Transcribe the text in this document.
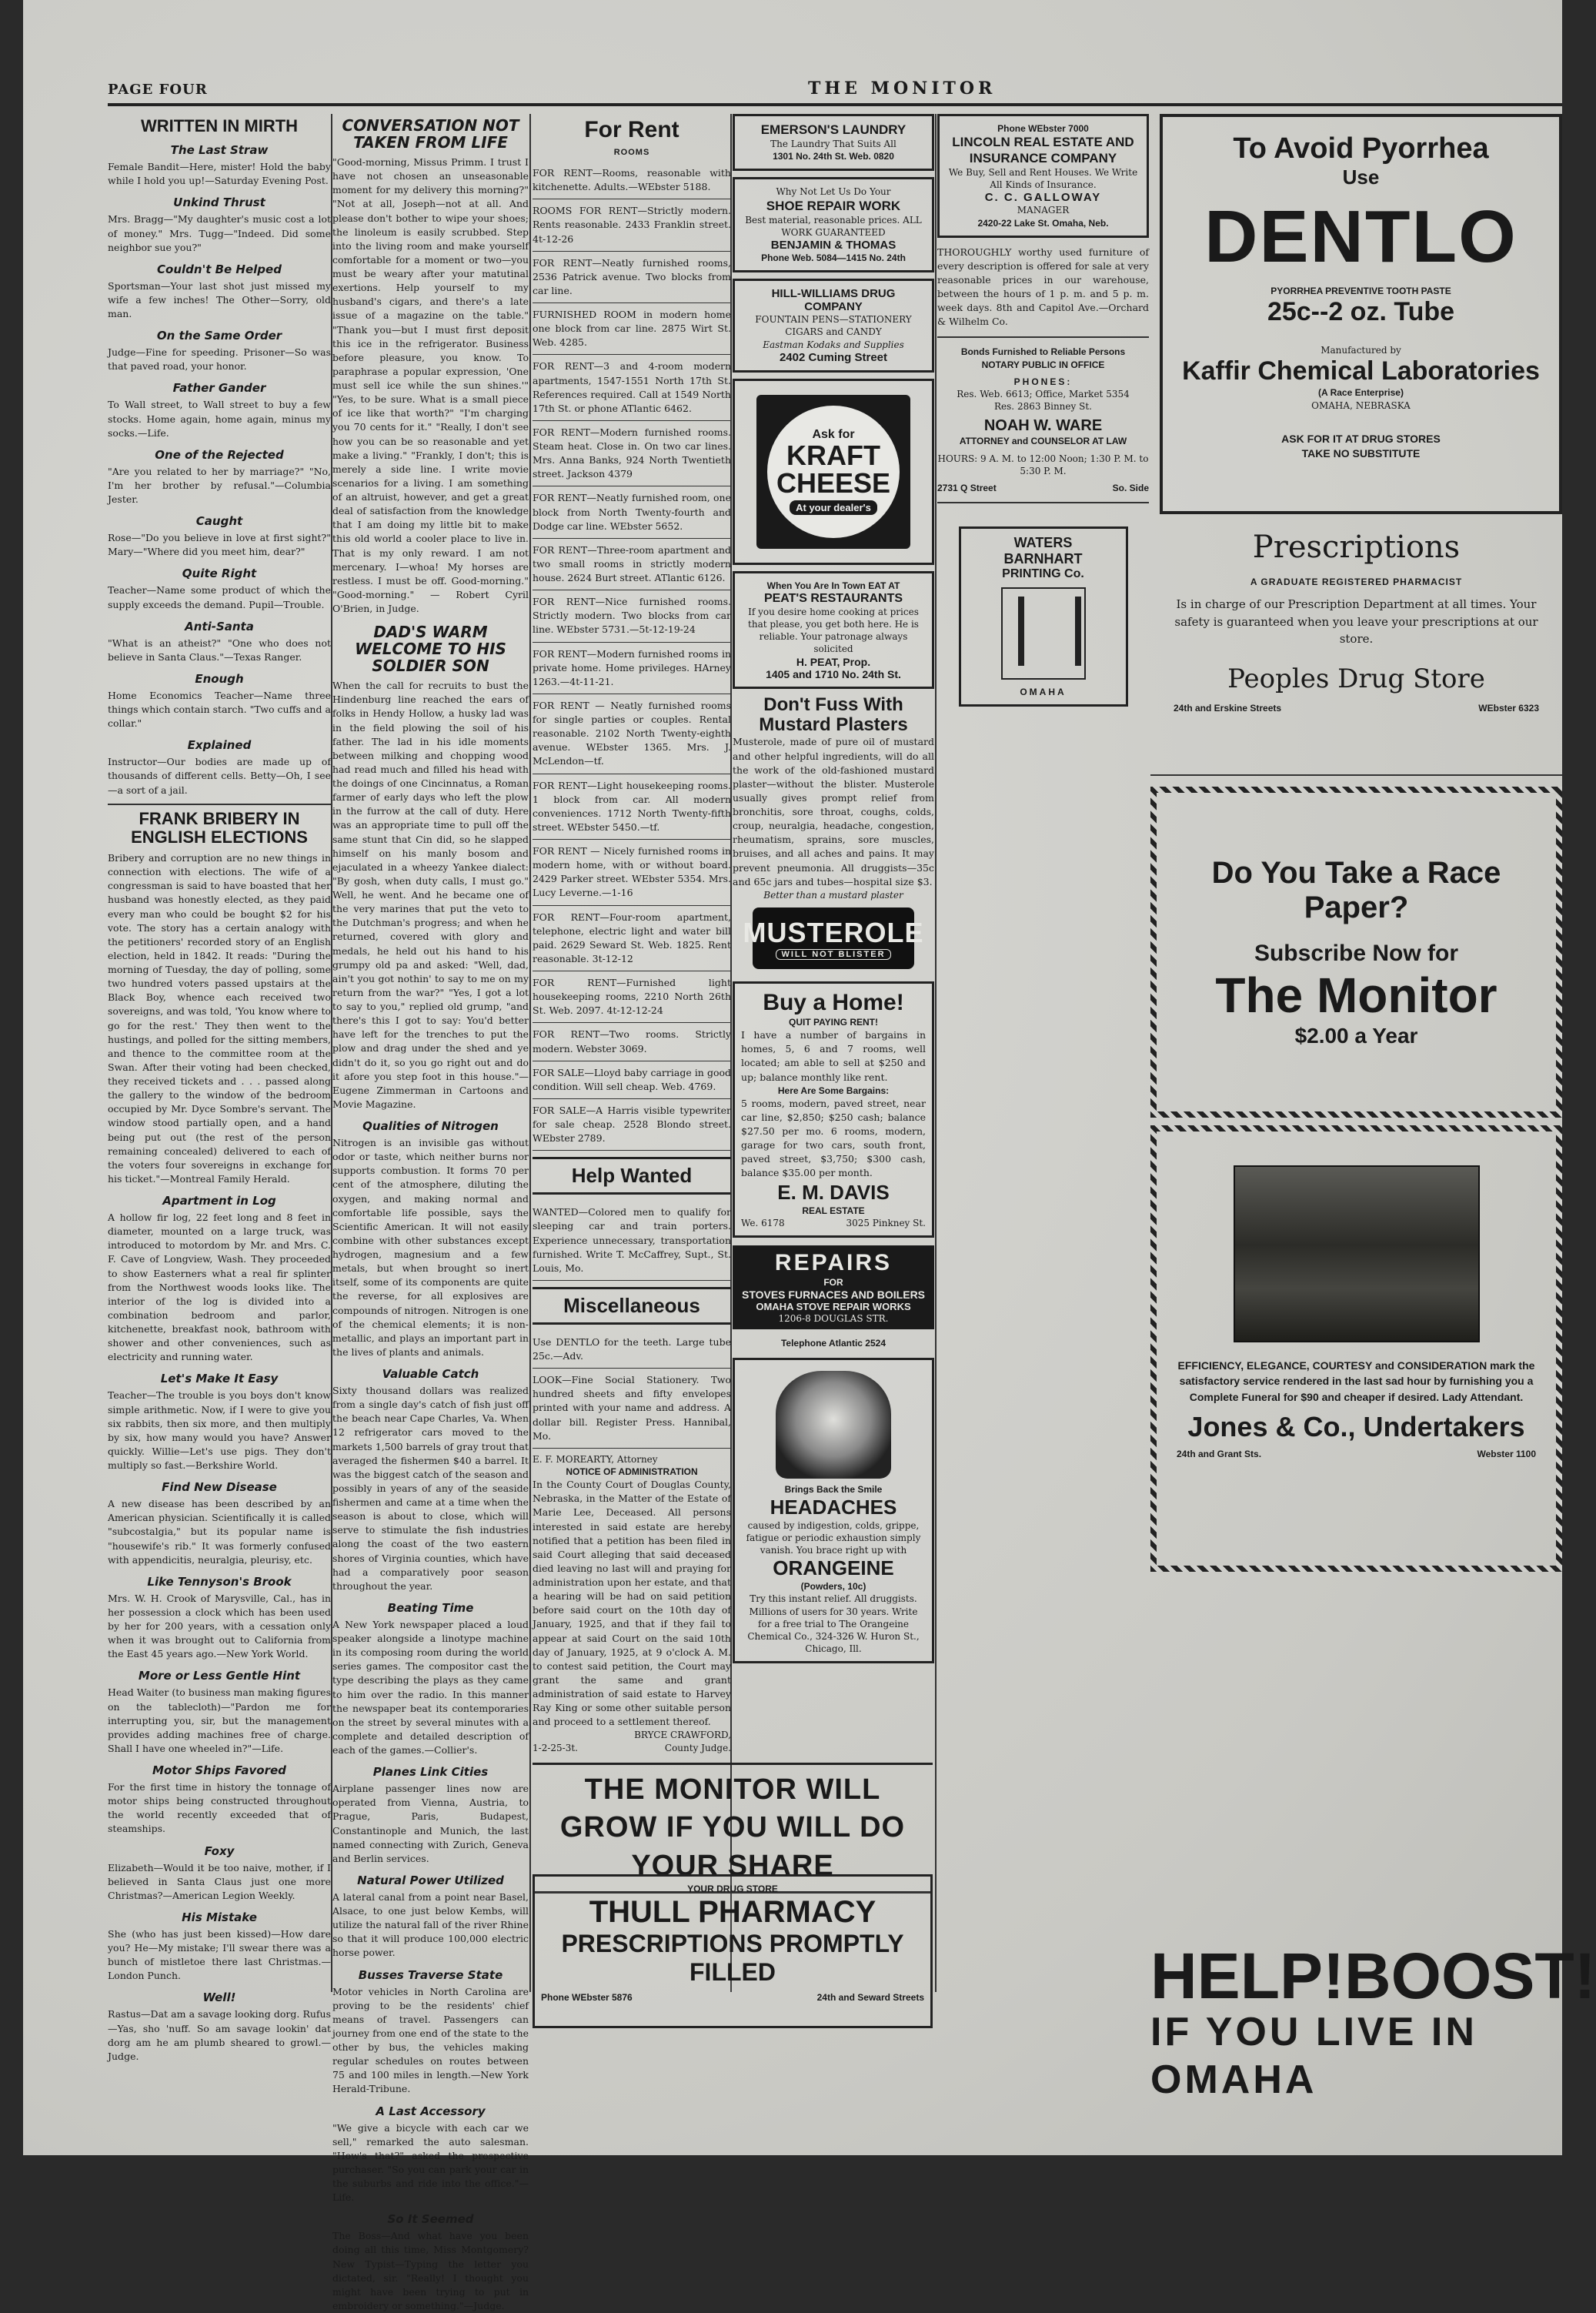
PAGE FOUR	THE MONITOR
WRITTEN IN MIRTH
The Last Straw
Female Bandit—Here, mister! Hold the baby while I hold you up!—Saturday Evening Post.
Unkind Thrust
Mrs. Bragg—"My daughter's music cost a lot of money." Mrs. Tugg—"Indeed. Did some neighbor sue you?"
Couldn't Be Helped
Sportsman—Your last shot just missed my wife a few inches! The Other—Sorry, old man.
On the Same Order
Judge—Fine for speeding. Prisoner—So was that paved road, your honor.
Father Gander
To Wall street, to Wall street to buy a few stocks. Home again, home again, minus my socks.—Life.
One of the Rejected
"Are you related to her by marriage?" "No, I'm her brother by refusal."—Columbia Jester.
Caught
Rose—"Do you believe in love at first sight?" Mary—"Where did you meet him, dear?"
Quite Right
Teacher—Name some product of which the supply exceeds the demand. Pupil—Trouble.
Anti-Santa
"What is an atheist?" "One who does not believe in Santa Claus."—Texas Ranger.
Enough
Home Economics Teacher—Name three things which contain starch. "Two cuffs and a collar."
Explained
Instructor—Our bodies are made up of thousands of different cells. Betty—Oh, I see—a sort of a jail.
FRANK BRIBERY IN ENGLISH ELECTIONS
Bribery and corruption are no new things in connection with elections. The wife of a congressman is said to have boasted that her husband was honestly elected, as they paid every man who could be bought $2 for his vote. The story has a certain analogy with the petitioners' recorded story of an English election, held in 1842. It reads: "During the morning of Tuesday, the day of polling, some two hundred voters passed upstairs at the Black Boy, whence each received two sovereigns, and was told, 'You know where to go for the rest.' They then went to the hustings, and polled for the sitting members, and thence to the committee room at the Swan. After their voting had been checked, they received tickets and . . . passed along the gallery to the window of the bedroom occupied by Mr. Dyce Sombre's servant. The window stood partially open, and a hand being put out (the rest of the person remaining concealed) delivered to each of the voters four sovereigns in exchange for his ticket."—Montreal Family Herald.
Apartment in Log
A hollow fir log, 22 feet long and 8 feet in diameter, mounted on a large truck, was introduced to motordom by Mr. and Mrs. C. F. Cave of Longview, Wash. They proceeded to show Easterners what a real fir splinter from the Northwest woods looks like. The interior of the log is divided into a combination bedroom and parlor, kitchenette, breakfast nook, bathroom with shower and other conveniences, such as electricity and running water.
Let's Make It Easy
Teacher—The trouble is you boys don't know simple arithmetic. Now, if I were to give you six rabbits, then six more, and then multiply by six, how many would you have? Answer quickly. Willie—Let's use pigs. They don't multiply so fast.—Berkshire World.
Find New Disease
A new disease has been described by an American physician. Scientifically it is called "subcostalgia," but its popular name is "housewife's rib." It was formerly confused with appendicitis, neuralgia, pleurisy, etc.
Like Tennyson's Brook
Mrs. W. H. Crook of Marysville, Cal., has in her possession a clock which has been used by her for 200 years, with a cessation only when it was brought out to California from the East 45 years ago.—New York World.
More or Less Gentle Hint
Head Waiter (to business man making figures on the tablecloth)—"Pardon me for interrupting you, sir, but the management provides adding machines free of charge. Shall I have one wheeled in?"—Life.
Motor Ships Favored
For the first time in history the tonnage of motor ships being constructed throughout the world recently exceeded that of steamships.
Foxy
Elizabeth—Would it be too naive, mother, if I believed in Santa Claus just one more Christmas?—American Legion Weekly.
His Mistake
She (who has just been kissed)—How dare you? He—My mistake; I'll swear there was a bunch of mistletoe there last Christmas.—London Punch.
Well!
Rastus—Dat am a savage looking dorg. Rufus—Yas, sho 'nuff. So am savage lookin' dat dorg am he am plumb sheared to growl.—Judge.
CONVERSATION NOT TAKEN FROM LIFE
"Good-morning, Missus Primm. I trust I have not chosen an unseasonable moment for my delivery this morning?" "Not at all, Joseph—not at all. And please don't bother to wipe your shoes; the linoleum is easily scrubbed. Step into the living room and make yourself comfortable for a moment or two—you must be weary after your matutinal exertions. Help yourself to my husband's cigars, and there's a late issue of a magazine on the table." "Thank you—but I must first deposit this ice in the refrigerator. Business before pleasure, you know. To paraphrase a popular expression, 'One must sell ice while the sun shines.'" "Yes, to be sure. What is a small piece of ice like that worth?" "I'm charging you 70 cents for it." "Really, I don't see how you can be so reasonable and yet make a living." "Frankly, I don't; this is merely a side line. I write movie scenarios for a living. I am something of an altruist, however, and get a great deal of satisfaction from the knowledge that I am doing my little bit to make this old world a cooler place to live in. That is my only reward. I am not mercenary. I—whoa! My horses are restless. I must be off. Good-morning." "Good-morning." — Robert Cyril O'Brien, in Judge.
DAD'S WARM WELCOME TO HIS SOLDIER SON
When the call for recruits to bust the Hindenburg line reached the ears of folks in Hendy Hollow, a husky lad was in the field plowing the soil of his father. The lad in his idle moments between milking and chopping wood had read much and filled his head with the doings of one Cincinnatus, a Roman farmer of early days who left the plow in the furrow at the call of duty. Here was an appropriate time to pull off the same stunt that Cin did, so he slapped himself on his manly bosom and ejaculated in a wheezy Yankee dialect: "By gosh, when duty calls, I must go." Well, he went. And he became one of the very marines that put the veto to the Dutchman's progress; and when he returned, covered with glory and medals, he held out his hand to his grumpy old pa and asked: "Well, dad, ain't you got nothin' to say to me on my return from the war?" "Yes, I got a lot to say to you," replied old grump, "and there's this I got to say: You'd better have left for the trenches to put the plow and drag under the shed and ye didn't do it, so you go right out and do it afore you step foot in this house."—Eugene Zimmerman in Cartoons and Movie Magazine.
Qualities of Nitrogen
Nitrogen is an invisible gas without odor or taste, which neither burns nor supports combustion. It forms 70 per cent of the atmosphere, diluting the oxygen, and making normal and comfortable life possible, says the Scientific American. It will not easily combine with other substances except hydrogen, magnesium and a few metals, but when brought so inert itself, some of its components are quite the reverse, for all explosives are compounds of nitrogen. Nitrogen is one of the chemical elements; it is non-metallic, and plays an important part in the lives of plants and animals.
Valuable Catch
Sixty thousand dollars was realized from a single day's catch of fish just off the beach near Cape Charles, Va. When 12 refrigerator cars moved to the markets 1,500 barrels of gray trout that averaged the fishermen $40 a barrel. It was the biggest catch of the season and possibly in years of any of the seaside fishermen and came at a time when the season is about to close, which will serve to stimulate the fish industries along the coast of the two eastern shores of Virginia counties, which have had a comparatively poor season throughout the year.
Beating Time
A New York newspaper placed a loud speaker alongside a linotype machine in its composing room during the world series games. The compositor cast the type describing the plays as they came to him over the radio. In this manner the newspaper beat its contemporaries on the street by several minutes with a complete and detailed description of each of the games.—Collier's.
Planes Link Cities
Airplane passenger lines now are operated from Vienna, Austria, to Prague, Paris, Budapest, Constantinople and Munich, the last named connecting with Zurich, Geneva and Berlin services.
Natural Power Utilized
A lateral canal from a point near Basel, Alsace, to one just below Kembs, will utilize the natural fall of the river Rhine so that it will produce 100,000 electric horse power.
Busses Traverse State
Motor vehicles in North Carolina are proving to be the residents' chief means of travel. Passengers can journey from one end of the state to the other by bus, the vehicles making regular schedules on routes between 75 and 100 miles in length.—New York Herald-Tribune.
A Last Accessory
"We give a bicycle with each car we sell," remarked the auto salesman. "How's that?" asked the prospective purchaser. "So you can park your car in the suburbs and ride into the office."—Life.
So It Seemed
The Boss—And what have you been doing all this time, Miss Montgomery? New Typist—Typing the letter you dictated, sir. "Really! I thought you might have been trying to put in embroidery or something."—Judge.
For Rent
ROOMS
FOR RENT—Rooms, reasonable with kitchenette. Adults.—WEbster 5188.
ROOMS FOR RENT—Strictly modern. Rents reasonable. 2433 Franklin street. 4t-12-26
FOR RENT—Neatly furnished rooms, 2536 Patrick avenue. Two blocks from car line.
FURNISHED ROOM in modern home one block from car line. 2875 Wirt St. Web. 4285.
FOR RENT—3 and 4-room modern apartments, 1547-1551 North 17th St. References required. Call at 1549 North 17th St. or phone ATlantic 6462.
FOR RENT—Modern furnished rooms. Steam heat. Close in. On two car lines. Mrs. Anna Banks, 924 North Twentieth street. Jackson 4379
FOR RENT—Neatly furnished room, one block from North Twenty-fourth and Dodge car line. WEbster 5652.
FOR RENT—Three-room apartment and two small rooms in strictly modern house. 2624 Burt street. ATlantic 6126.
FOR RENT—Nice furnished rooms. Strictly modern. Two blocks from car line. WEbster 5731.—5t-12-19-24
FOR RENT—Modern furnished rooms in private home. Home privileges. HArney 1263.—4t-11-21.
FOR RENT — Neatly furnished rooms for single parties or couples. Rental reasonable. 2102 North Twenty-eighth avenue. WEbster 1365. Mrs. J. McLendon—tf.
FOR RENT—Light housekeeping rooms. 1 block from car. All modern conveniences. 1712 North Twenty-fifth street. WEbster 5450.—tf.
FOR RENT — Nicely furnished rooms in modern home, with or without board. 2429 Parker street. WEbster 5354. Mrs. Lucy Leverne.—1-16
FOR RENT—Four-room apartment, telephone, electric light and water bill paid. 2629 Seward St. Web. 1825. Rent reasonable. 3t-12-12
FOR RENT—Furnished light housekeeping rooms, 2210 North 26th St. Web. 2097. 4t-12-12-24
FOR RENT—Two rooms. Strictly modern. Webster 3069.
FOR SALE—Lloyd baby carriage in good condition. Will sell cheap. Web. 4769.
FOR SALE—A Harris visible typewriter for sale cheap. 2528 Blondo street. WEbster 2789.
Help Wanted
WANTED—Colored men to qualify for sleeping car and train porters. Experience unnecessary, transportation furnished. Write T. McCaffrey, Supt., St. Louis, Mo.
Miscellaneous
Use DENTLO for the teeth. Large tube 25c.—Adv.
LOOK—Fine Social Stationery. Two hundred sheets and fifty envelopes printed with your name and address. A dollar bill. Register Press. Hannibal, Mo.
E. F. MOREARTY, Attorney
NOTICE OF ADMINISTRATION
In the County Court of Douglas County, Nebraska, in the Matter of the Estate of Marie Lee, Deceased. All persons interested in said estate are hereby notified that a petition has been filed in said Court alleging that said deceased died leaving no last will and praying for administration upon her estate, and that a hearing will be had on said petition before said court on the 10th day of January, 1925, and that if they fail to appear at said Court on the said 10th day of January, 1925, at 9 o'clock A. M. to contest said petition, the Court may grant the same and grant administration of said estate to Harvey Ray King or some other suitable person and proceed to a settlement thereof.
BRYCE CRAWFORD,
1-2-25-3t.	County Judge.
EMERSON'S LAUNDRY
The Laundry That Suits All
1301 No. 24th St. Web. 0820
Why Not Let Us Do Your
SHOE REPAIR WORK
Best material, reasonable prices. ALL WORK GUARANTEED
BENJAMIN & THOMAS
Phone Web. 5084—1415 No. 24th
HILL-WILLIAMS DRUG COMPANY
FOUNTAIN PENS—STATIONERY CIGARS and CANDY
Eastman Kodaks and Supplies
2402 Cuming Street
Ask for
KRAFT
CHEESE
At your dealer's
When You Are In Town EAT AT
PEAT'S RESTAURANTS
If you desire home cooking at prices that please, you get both here. He is reliable. Your patronage always solicited
H. PEAT, Prop.
1405 and 1710 No. 24th St.
Don't Fuss With Mustard Plasters
Musterole, made of pure oil of mustard and other helpful ingredients, will do all the work of the old-fashioned mustard plaster—without the blister. Musterole usually gives prompt relief from bronchitis, sore throat, coughs, colds, croup, neuralgia, headache, congestion, rheumatism, sprains, sore muscles, bruises, and all aches and pains. It may prevent pneumonia. All druggists—35c and 65c jars and tubes—hospital size $3.
Better than a mustard plaster
MUSTEROLE
WILL NOT BLISTER
Buy a Home!
QUIT PAYING RENT!
I have a number of bargains in homes, 5, 6 and 7 rooms, well located; am able to sell at $250 and up; balance monthly like rent.
Here Are Some Bargains:
5 rooms, modern, paved street, near car line, $2,850; $250 cash; balance $27.50 per mo. 6 rooms, modern, garage for two cars, south front, paved street, $3,750; $300 cash, balance $35.00 per month.
E. M. DAVIS
REAL ESTATE
We. 6178	3025 Pinkney St.
REPAIRS
FOR
STOVES FURNACES AND BOILERS
OMAHA STOVE REPAIR WORKS
1206-8 DOUGLAS STR.
Telephone Atlantic 2524
Brings Back the Smile
HEADACHES
caused by indigestion, colds, grippe, fatigue or periodic exhaustion simply vanish. You brace right up with
ORANGEINE
(Powders, 10c)
Try this instant relief. All druggists. Millions of users for 30 years. Write for a free trial to The Orangeine Chemical Co., 324-326 W. Huron St., Chicago, Ill.
Phone WEbster 7000
LINCOLN REAL ESTATE AND INSURANCE COMPANY
We Buy, Sell and Rent Houses. We Write All Kinds of Insurance.
C. C. GALLOWAY
MANAGER
2420-22 Lake St. Omaha, Neb.
THOROUGHLY worthy used furniture of every description is offered for sale at very reasonable prices in our warehouse, between the hours of 1 p. m. and 5 p. m. week days. 8th and Capitol Ave.—Orchard & Wilhelm Co.
Bonds Furnished to Reliable Persons
NOTARY PUBLIC IN OFFICE
PHONES:
Res. Web. 6613; Office, Market 5354
Res. 2863 Binney St.
NOAH W. WARE
ATTORNEY and COUNSELOR AT LAW
HOURS: 9 A. M. to 12:00 Noon; 1:30 P. M. to 5:30 P. M.
2731 Q Street	So. Side
WATERS
BARNHART
PRINTING Co.
OMAHA
THE MONITOR WILL GROW IF YOU WILL DO YOUR SHARE
YOUR DRUG STORE
THULL PHARMACY
PRESCRIPTIONS PROMPTLY FILLED
Phone WEbster 5876	24th and Seward Streets
To Avoid Pyorrhea
Use
DENTLO
PYORRHEA PREVENTIVE TOOTH PASTE
25c--2 oz. Tube
Manufactured by
Kaffir Chemical Laboratories
(A Race Enterprise)
OMAHA, NEBRASKA
ASK FOR IT AT DRUG STORES
TAKE NO SUBSTITUTE
Prescriptions
A GRADUATE REGISTERED PHARMACIST
Is in charge of our Prescription Department at all times. Your safety is guaranteed when you leave your prescriptions at our store.
Peoples Drug Store
24th and Erskine Streets	WEbster 6323
Do You Take a Race Paper?
Subscribe Now for
The Monitor
$2.00 a Year
EFFICIENCY, ELEGANCE, COURTESY and CONSIDERATION mark the satisfactory service rendered in the last sad hour by furnishing you a Complete Funeral for $90 and cheaper if desired. Lady Attendant.
Jones & Co., Undertakers
24th and Grant Sts.	Webster 1100
HELP! BOOST!
IF YOU LIVE IN OMAHA
